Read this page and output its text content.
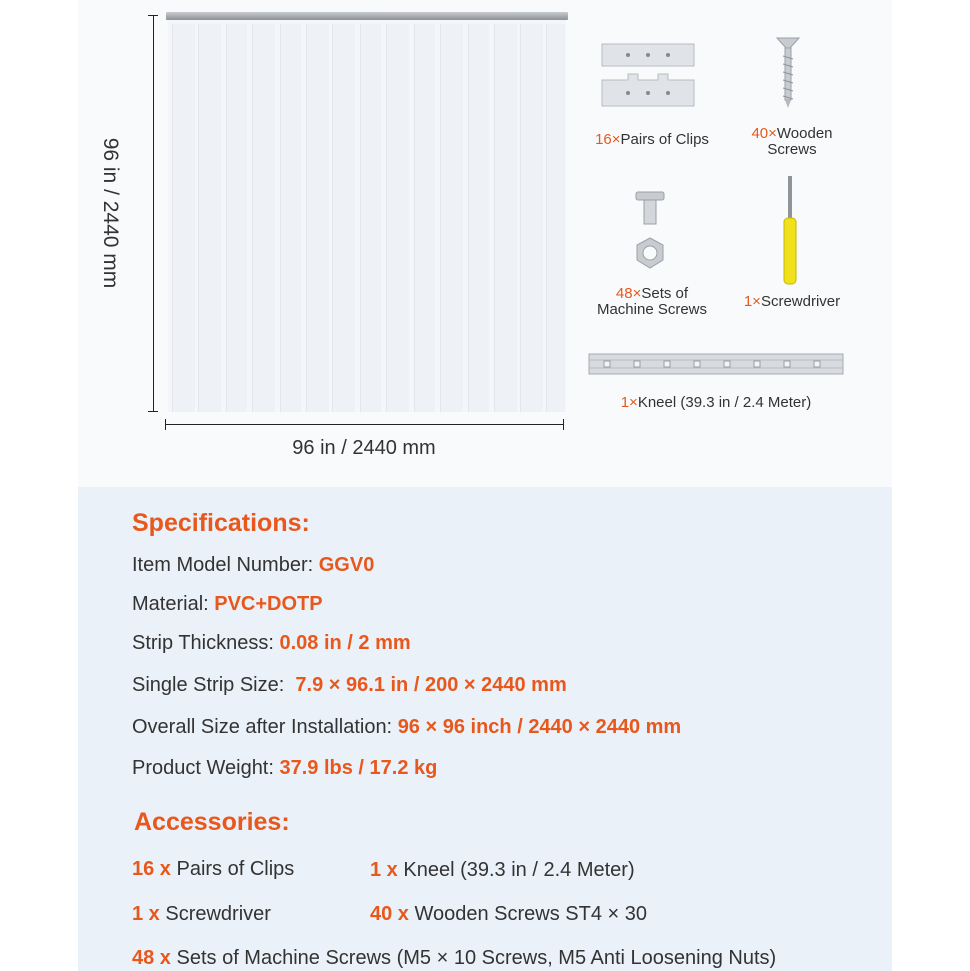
96 in / 2440 mm
96 in / 2440 mm
16×Pairs of Clips	40×Wooden
Screws
48×Sets of
Machine Screws	1×Screwdriver
1×Kneel (39.3 in / 2.4 Meter)
Specifications:
Item Model Number: GGV0
Material: PVC+DOTP
Strip Thickness: 0.08 in / 2 mm
Single Strip Size:  7.9 × 96.1 in / 200 × 2440 mm
Overall Size after Installation: 96 × 96 inch / 2440 × 2440 mm
Product Weight: 37.9 lbs / 17.2 kg
Accessories:
16 x Pairs of Clips	1 x Kneel (39.3 in / 2.4 Meter)
1 x Screwdriver	40 x Wooden Screws ST4 × 30
48 x Sets of Machine Screws (M5 × 10 Screws, M5 Anti Loosening Nuts)
